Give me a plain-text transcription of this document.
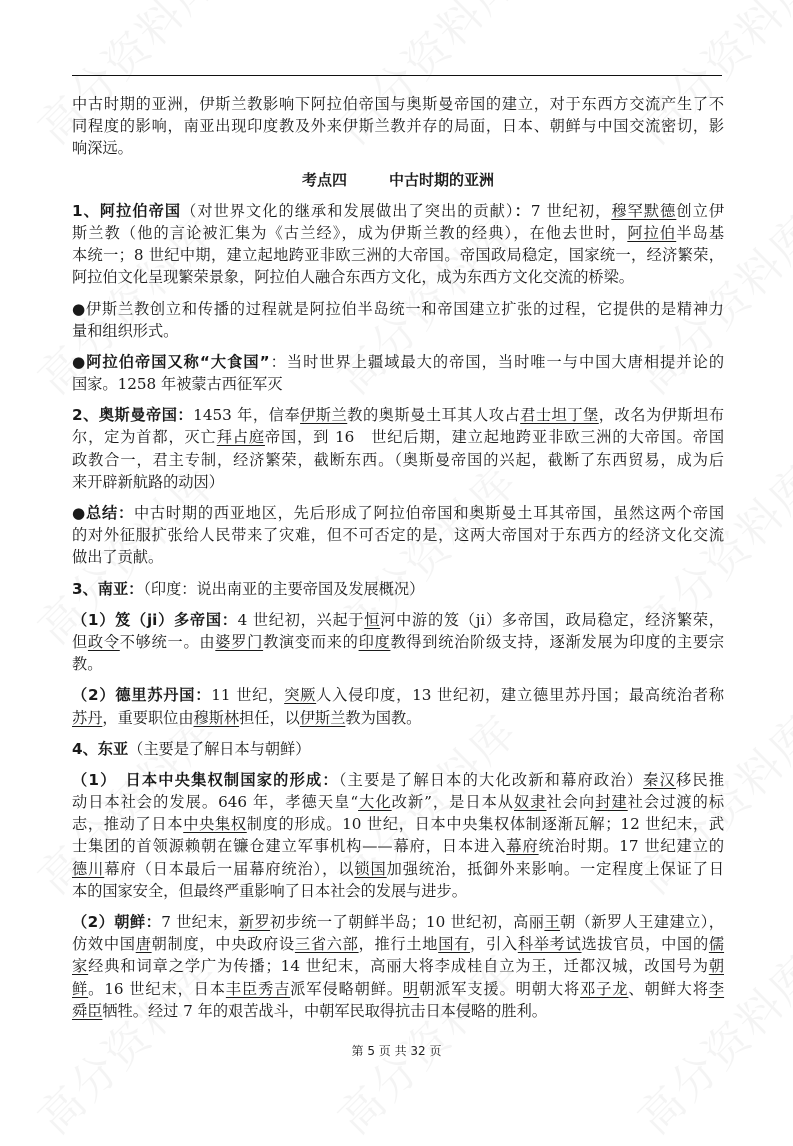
中古时期的亚洲，伊斯兰教影响下阿拉伯帝国与奥斯曼帝国的建立，对于东西方交流产生了不
同程度的影响，南亚出现印度教及外来伊斯兰教并存的局面，日本、朝鲜与中国交流密切，影
响深远。
考点四	中古时期的亚洲
1、阿拉伯帝国（对世界文化的继承和发展做出了突出的贡献）：7 世纪初，穆罕默德创立伊
斯兰教（他的言论被汇集为《古兰经》，成为伊斯兰教的经典），在他去世时，阿拉伯半岛基
本统一；8 世纪中期，建立起地跨亚非欧三洲的大帝国。帝国政局稳定，国家统一，经济繁荣，
阿拉伯文化呈现繁荣景象，阿拉伯人融合东西方文化，成为东西方文化交流的桥梁。
●伊斯兰教创立和传播的过程就是阿拉伯半岛统一和帝国建立扩张的过程，它提供的是精神力
量和组织形式。
●阿拉伯帝国又称“大食国”：当时世界上疆域最大的帝国，当时唯一与中国大唐相提并论的
国家。1258 年被蒙古西征军灭
2、奥斯曼帝国：1453 年，信奉伊斯兰教的奥斯曼土耳其人攻占君士坦丁堡，改名为伊斯坦布
尔，定为首都，灭亡拜占庭帝国，到 16　世纪后期，建立起地跨亚非欧三洲的大帝国。帝国
政教合一，君主专制，经济繁荣，截断东西。（奥斯曼帝国的兴起，截断了东西贸易，成为后
来开辟新航路的动因）
●总结：中古时期的西亚地区，先后形成了阿拉伯帝国和奥斯曼土耳其帝国，虽然这两个帝国
的对外征服扩张给人民带来了灾难，但不可否定的是，这两大帝国对于东西方的经济文化交流
做出了贡献。
3、南亚：（印度：说出南亚的主要帝国及发展概况）
（1）笈（ji）多帝国：4 世纪初，兴起于恒河中游的笈（ji）多帝国，政局稳定，经济繁荣，
但政令不够统一。由婆罗门教演变而来的印度教得到统治阶级支持，逐渐发展为印度的主要宗
教。
（2）德里苏丹国：11 世纪，突厥人入侵印度，13 世纪初，建立德里苏丹国；最高统治者称
苏丹，重要职位由穆斯林担任，以伊斯兰教为国教。
4、东亚（主要是了解日本与朝鲜）
（1）　日本中央集权制国家的形成：（主要是了解日本的大化改新和幕府政治）秦汉移民推
动日本社会的发展。646 年，孝德天皇“大化改新”，是日本从奴隶社会向封建社会过渡的标
志，推动了日本中央集权制度的形成。10 世纪，日本中央集权体制逐渐瓦解；12 世纪末，武
士集团的首领源赖朝在镰仓建立军事机构——幕府，日本进入幕府统治时期。17 世纪建立的
德川幕府（日本最后一届幕府统治），以锁国加强统治，抵御外来影响。一定程度上保证了日
本的国家安全，但最终严重影响了日本社会的发展与进步。
（2）朝鲜：7 世纪末，新罗初步统一了朝鲜半岛；10 世纪初，高丽王朝（新罗人王建建立），
仿效中国唐朝制度，中央政府设三省六部，推行土地国有，引入科举考试选拔官员，中国的儒
家经典和词章之学广为传播；14 世纪末，高丽大将李成桂自立为王，迁都汉城，改国号为朝
鲜。16 世纪末，日本丰臣秀吉派军侵略朝鲜。明朝派军支援。明朝大将邓子龙、朝鲜大将李
舜臣牺牲。经过 7 年的艰苦战斗，中朝军民取得抗击日本侵略的胜利。
第 5 页 共 32 页
